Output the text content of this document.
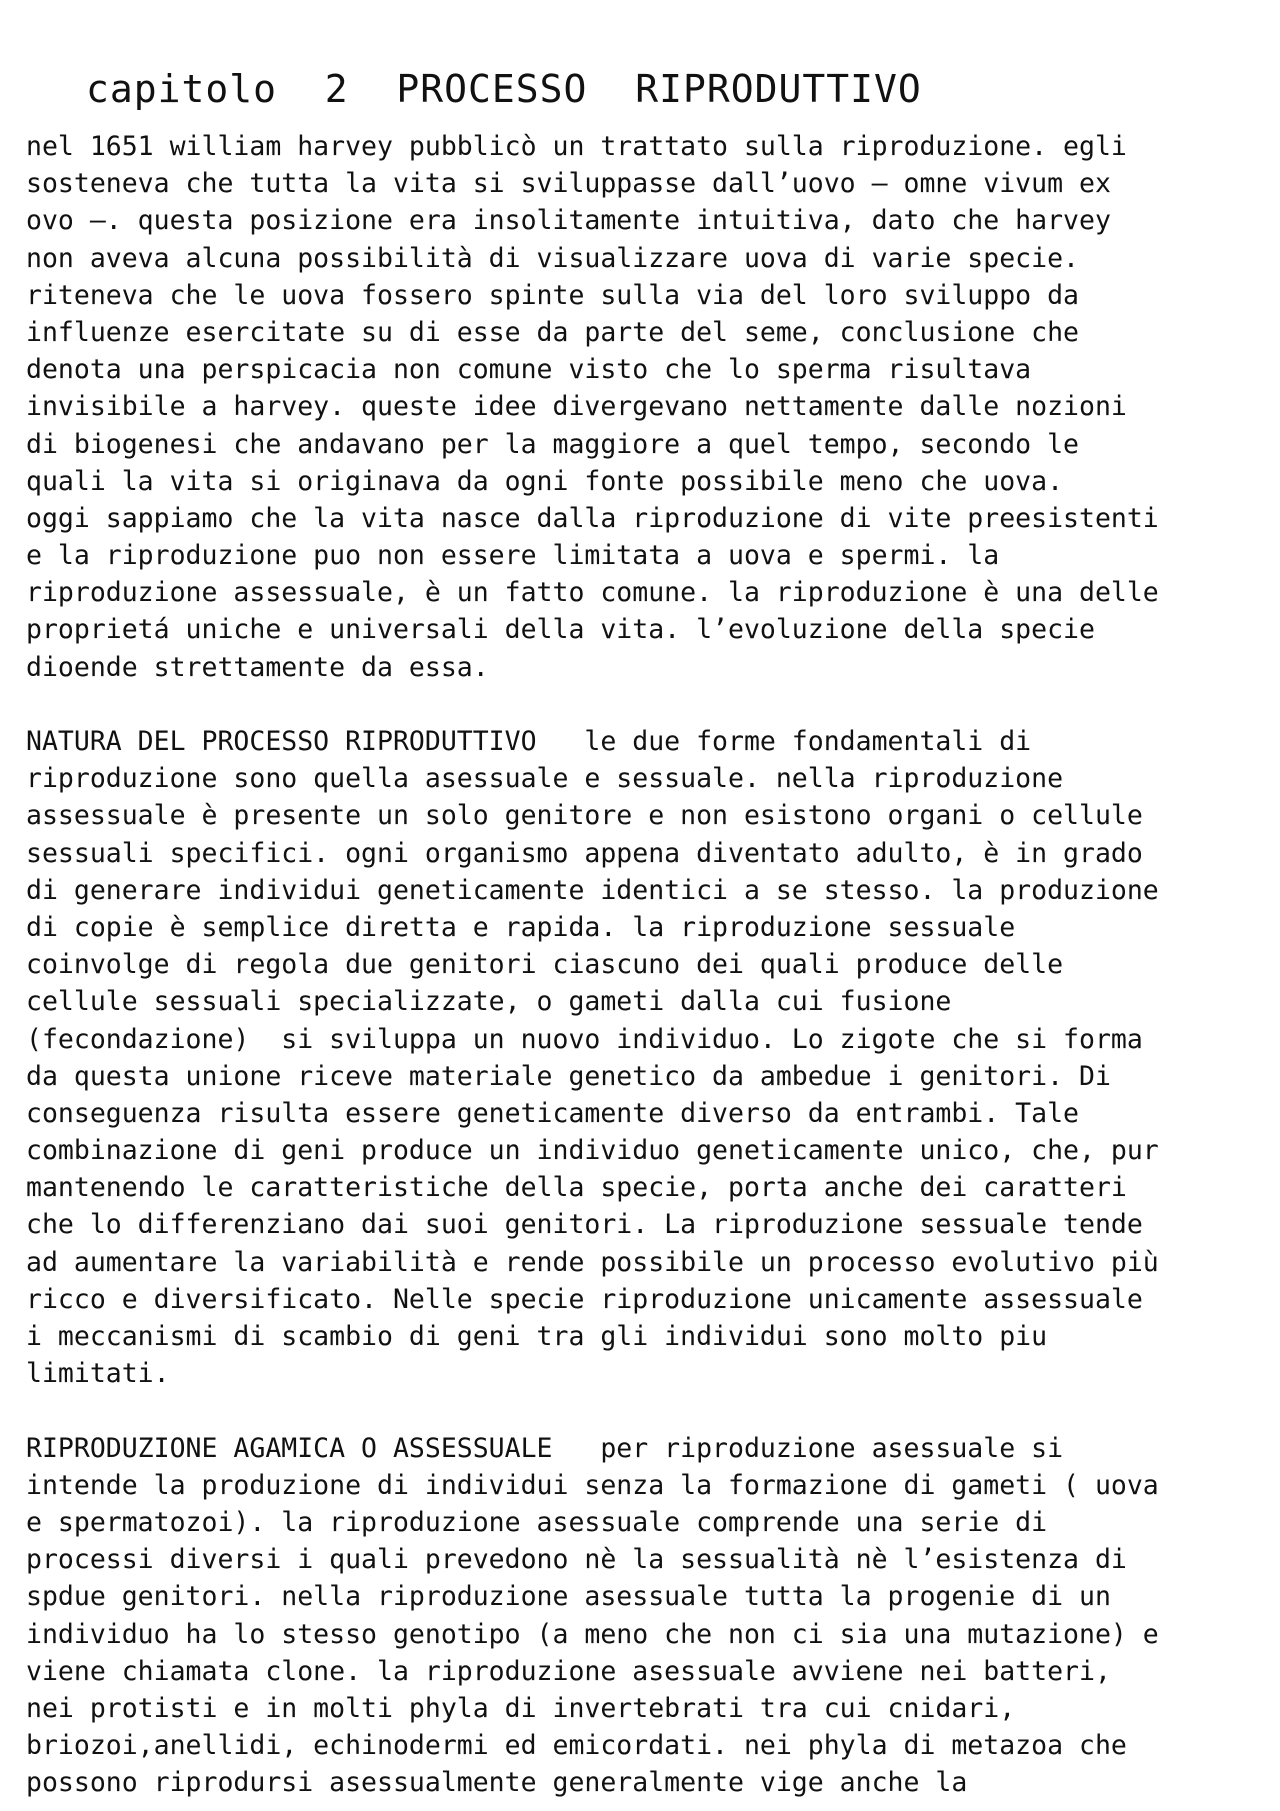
capitolo  2  PROCESSO  RIPRODUTTIVO
nel 1651 william harvey pubblicò un trattato sulla riproduzione. egli
sosteneva che tutta la vita si sviluppasse dall’uovo – omne vivum ex
ovo –. questa posizione era insolitamente intuitiva, dato che harvey
non aveva alcuna possibilità di visualizzare uova di varie specie.
riteneva che le uova fossero spinte sulla via del loro sviluppo da
influenze esercitate su di esse da parte del seme, conclusione che
denota una perspicacia non comune visto che lo sperma risultava
invisibile a harvey. queste idee divergevano nettamente dalle nozioni
di biogenesi che andavano per la maggiore a quel tempo, secondo le
quali la vita si originava da ogni fonte possibile meno che uova.
oggi sappiamo che la vita nasce dalla riproduzione di vite preesistenti
e la riproduzione puo non essere limitata a uova e spermi. la
riproduzione assessuale, è un fatto comune. la riproduzione è una delle
proprietá uniche e universali della vita. l’evoluzione della specie
dioende strettamente da essa.
NATURA DEL PROCESSO RIPRODUTTIVO   le due forme fondamentali di
riproduzione sono quella asessuale e sessuale. nella riproduzione
assessuale è presente un solo genitore e non esistono organi o cellule
sessuali specifici. ogni organismo appena diventato adulto, è in grado
di generare individui geneticamente identici a se stesso. la produzione
di copie è semplice diretta e rapida. la riproduzione sessuale
coinvolge di regola due genitori ciascuno dei quali produce delle
cellule sessuali specializzate, o gameti dalla cui fusione
(fecondazione)  si sviluppa un nuovo individuo. Lo zigote che si forma
da questa unione riceve materiale genetico da ambedue i genitori. Di
conseguenza risulta essere geneticamente diverso da entrambi. Tale
combinazione di geni produce un individuo geneticamente unico, che, pur
mantenendo le caratteristiche della specie, porta anche dei caratteri
che lo differenziano dai suoi genitori. La riproduzione sessuale tende
ad aumentare la variabilità e rende possibile un processo evolutivo più
ricco e diversificato. Nelle specie riproduzione unicamente assessuale
i meccanismi di scambio di geni tra gli individui sono molto piu
limitati.
RIPRODUZIONE AGAMICA O ASSESSUALE   per riproduzione asessuale si
intende la produzione di individui senza la formazione di gameti ( uova
e spermatozoi). la riproduzione asessuale comprende una serie di
processi diversi i quali prevedono nè la sessualità nè l’esistenza di
spdue genitori. nella riproduzione asessuale tutta la progenie di un
individuo ha lo stesso genotipo (a meno che non ci sia una mutazione) e
viene chiamata clone. la riproduzione asessuale avviene nei batteri,
nei protisti e in molti phyla di invertebrati tra cui cnidari,
briozoi,anellidi, echinodermi ed emicordati. nei phyla di metazoa che
possono riprodursi asessualmente generalmente vige anche la
